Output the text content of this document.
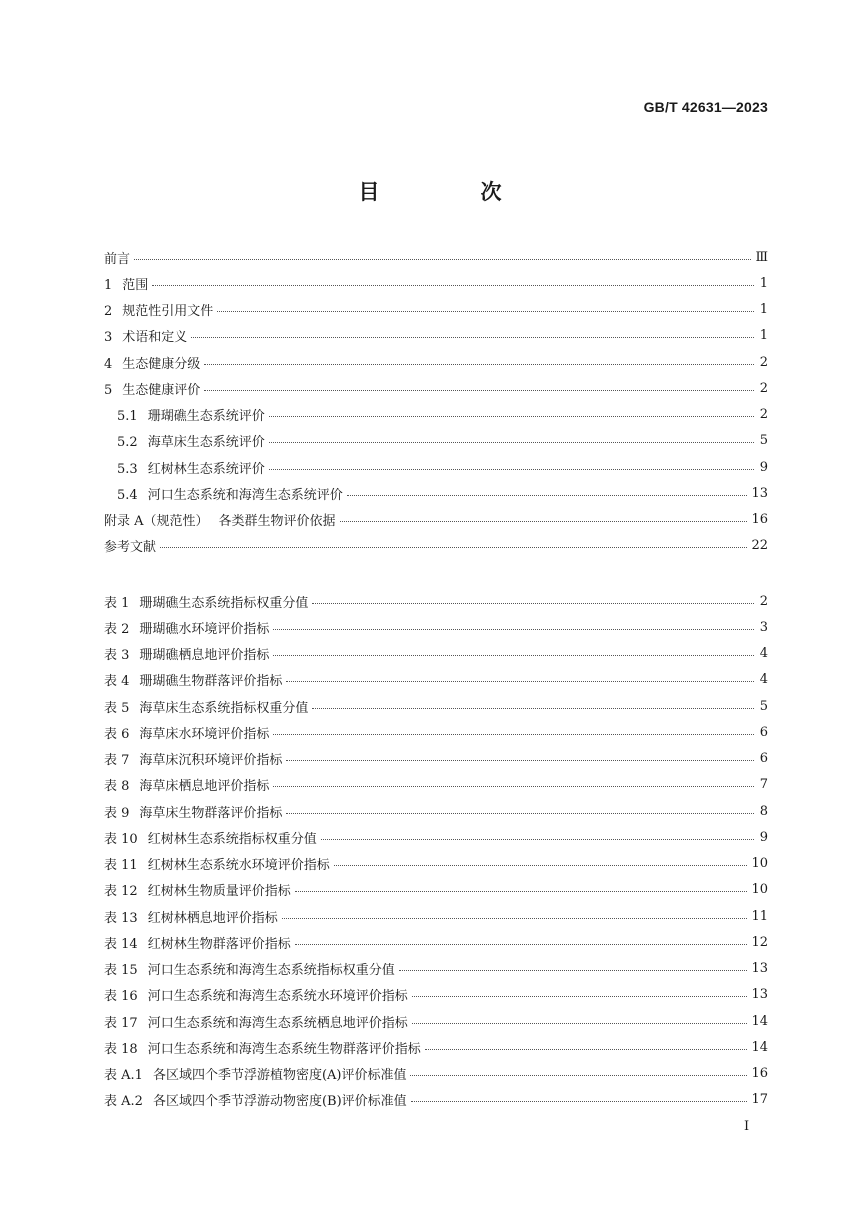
GB/T 42631—2023
目　次
前言	Ⅲ
1 范围	1
2 规范性引用文件	1
3 术语和定义	1
4 生态健康分级	2
5 生态健康评价	2
5.1 珊瑚礁生态系统评价	2
5.2 海草床生态系统评价	5
5.3 红树林生态系统评价	9
5.4 河口生态系统和海湾生态系统评价	13
附录 A（规范性） 各类群生物评价依据	16
参考文献	22
表 1 珊瑚礁生态系统指标权重分值	2
表 2 珊瑚礁水环境评价指标	3
表 3 珊瑚礁栖息地评价指标	4
表 4 珊瑚礁生物群落评价指标	4
表 5 海草床生态系统指标权重分值	5
表 6 海草床水环境评价指标	6
表 7 海草床沉积环境评价指标	6
表 8 海草床栖息地评价指标	7
表 9 海草床生物群落评价指标	8
表 10 红树林生态系统指标权重分值	9
表 11 红树林生态系统水环境评价指标	10
表 12 红树林生物质量评价指标	10
表 13 红树林栖息地评价指标	11
表 14 红树林生物群落评价指标	12
表 15 河口生态系统和海湾生态系统指标权重分值	13
表 16 河口生态系统和海湾生态系统水环境评价指标	13
表 17 河口生态系统和海湾生态系统栖息地评价指标	14
表 18 河口生态系统和海湾生态系统生物群落评价指标	14
表 A.1 各区域四个季节浮游植物密度(A)评价标准值	16
表 A.2 各区域四个季节浮游动物密度(B)评价标准值	17
I
